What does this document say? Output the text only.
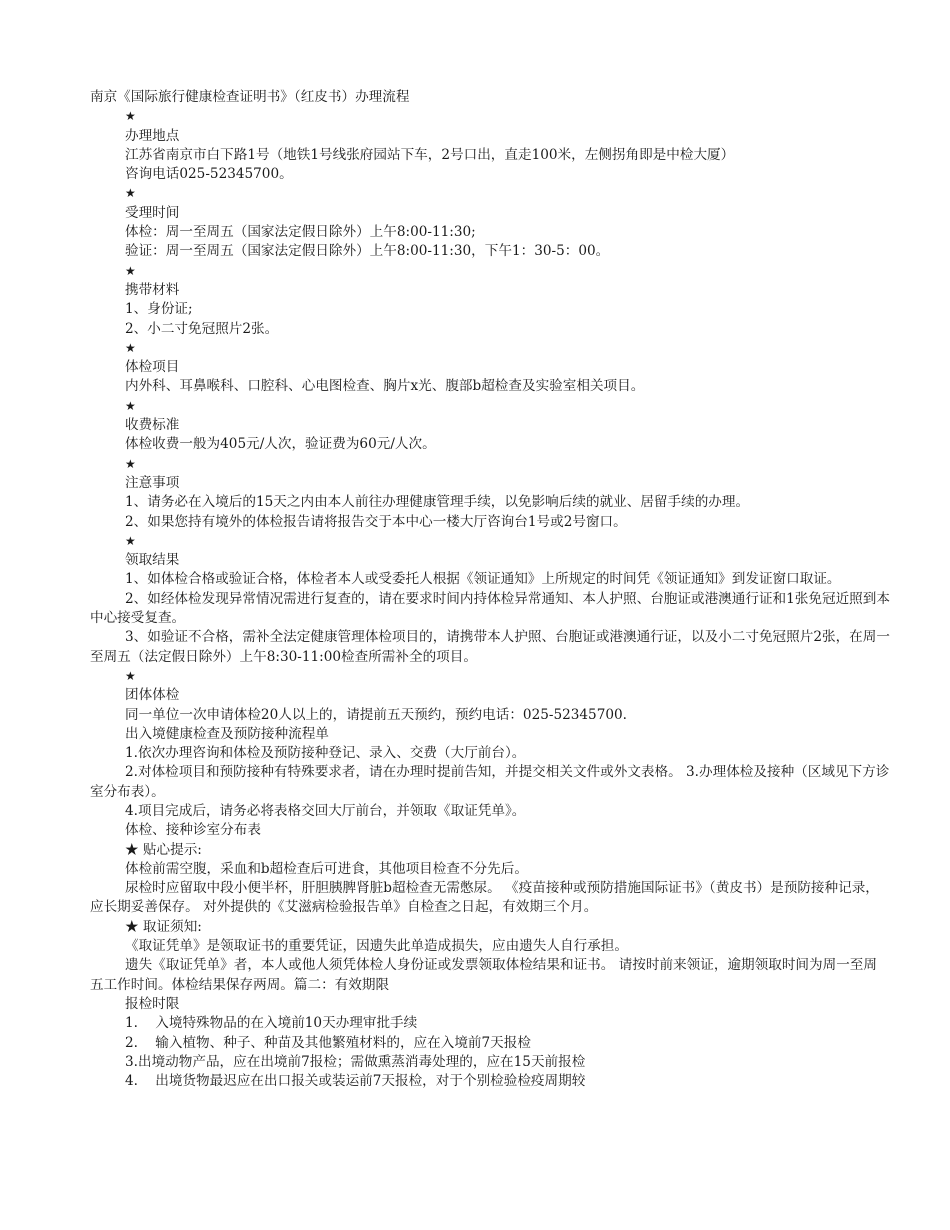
南京《国际旅行健康检查证明书》（红皮书）办理流程
★
办理地点
江苏省南京市白下路1号（地铁1号线张府园站下车，2号口出，直走100米，左侧拐角即是中检大厦）
咨询电话025-52345700。
★
受理时间
体检：周一至周五（国家法定假日除外）上午8:00-11:30;
验证：周一至周五（国家法定假日除外）上午8:00-11:30，下午1：30-5：00。
★
携带材料
1、身份证;
2、小二寸免冠照片2张。
★
体检项目
内外科、耳鼻喉科、口腔科、心电图检查、胸片x光、腹部b超检查及实验室相关项目。
★
收费标准
体检收费一般为405元/人次，验证费为60元/人次。
★
注意事项
1、请务必在入境后的15天之内由本人前往办理健康管理手续，以免影响后续的就业、居留手续的办理。
2、如果您持有境外的体检报告请将报告交于本中心一楼大厅咨询台1号或2号窗口。
★
领取结果
1、如体检合格或验证合格，体检者本人或受委托人根据《领证通知》上所规定的时间凭《领证通知》到发证窗口取证。
2、如经体检发现异常情况需进行复查的，请在要求时间内持体检异常通知、本人护照、台胞证或港澳通行证和1张免冠近照到本中心接受复查。
3、如验证不合格，需补全法定健康管理体检项目的，请携带本人护照、台胞证或港澳通行证，以及小二寸免冠照片2张，在周一至周五（法定假日除外）上午8:30-11:00检查所需补全的项目。
★
团体体检
同一单位一次申请体检20人以上的，请提前五天预约，预约电话：025-52345700.
出入境健康检查及预防接种流程单
1.依次办理咨询和体检及预防接种登记、录入、交费（大厅前台）。
2.对体检项目和预防接种有特殊要求者，请在办理时提前告知，并提交相关文件或外文表格。 3.办理体检及接种（区域见下方诊室分布表）。
4.项目完成后，请务必将表格交回大厅前台，并领取《取证凭单》。
体检、接种诊室分布表
★ 贴心提示:
体检前需空腹，采血和b超检查后可进食，其他项目检查不分先后。
尿检时应留取中段小便半杯，肝胆胰脾肾脏b超检查无需憋尿。 《疫苗接种或预防措施国际证书》（黄皮书）是预防接种记录，应长期妥善保存。 对外提供的《艾滋病检验报告单》自检查之日起，有效期三个月。
★ 取证须知:
《取证凭单》是领取证书的重要凭证，因遗失此单造成损失，应由遗失人自行承担。
遗失《取证凭单》者，本人或他人须凭体检人身份证或发票领取体检结果和证书。 请按时前来领证，逾期领取时间为周一至周五工作时间。体检结果保存两周。篇二：有效期限
报检时限
1.    入境特殊物品的在入境前10天办理审批手续
2.    输入植物、种子、种苗及其他繁殖材料的，应在入境前7天报检
3.出境动物产品，应在出境前7报检；需做熏蒸消毒处理的，应在15天前报检
4.    出境货物最迟应在出口报关或装运前7天报检，对于个别检验检疫周期较
